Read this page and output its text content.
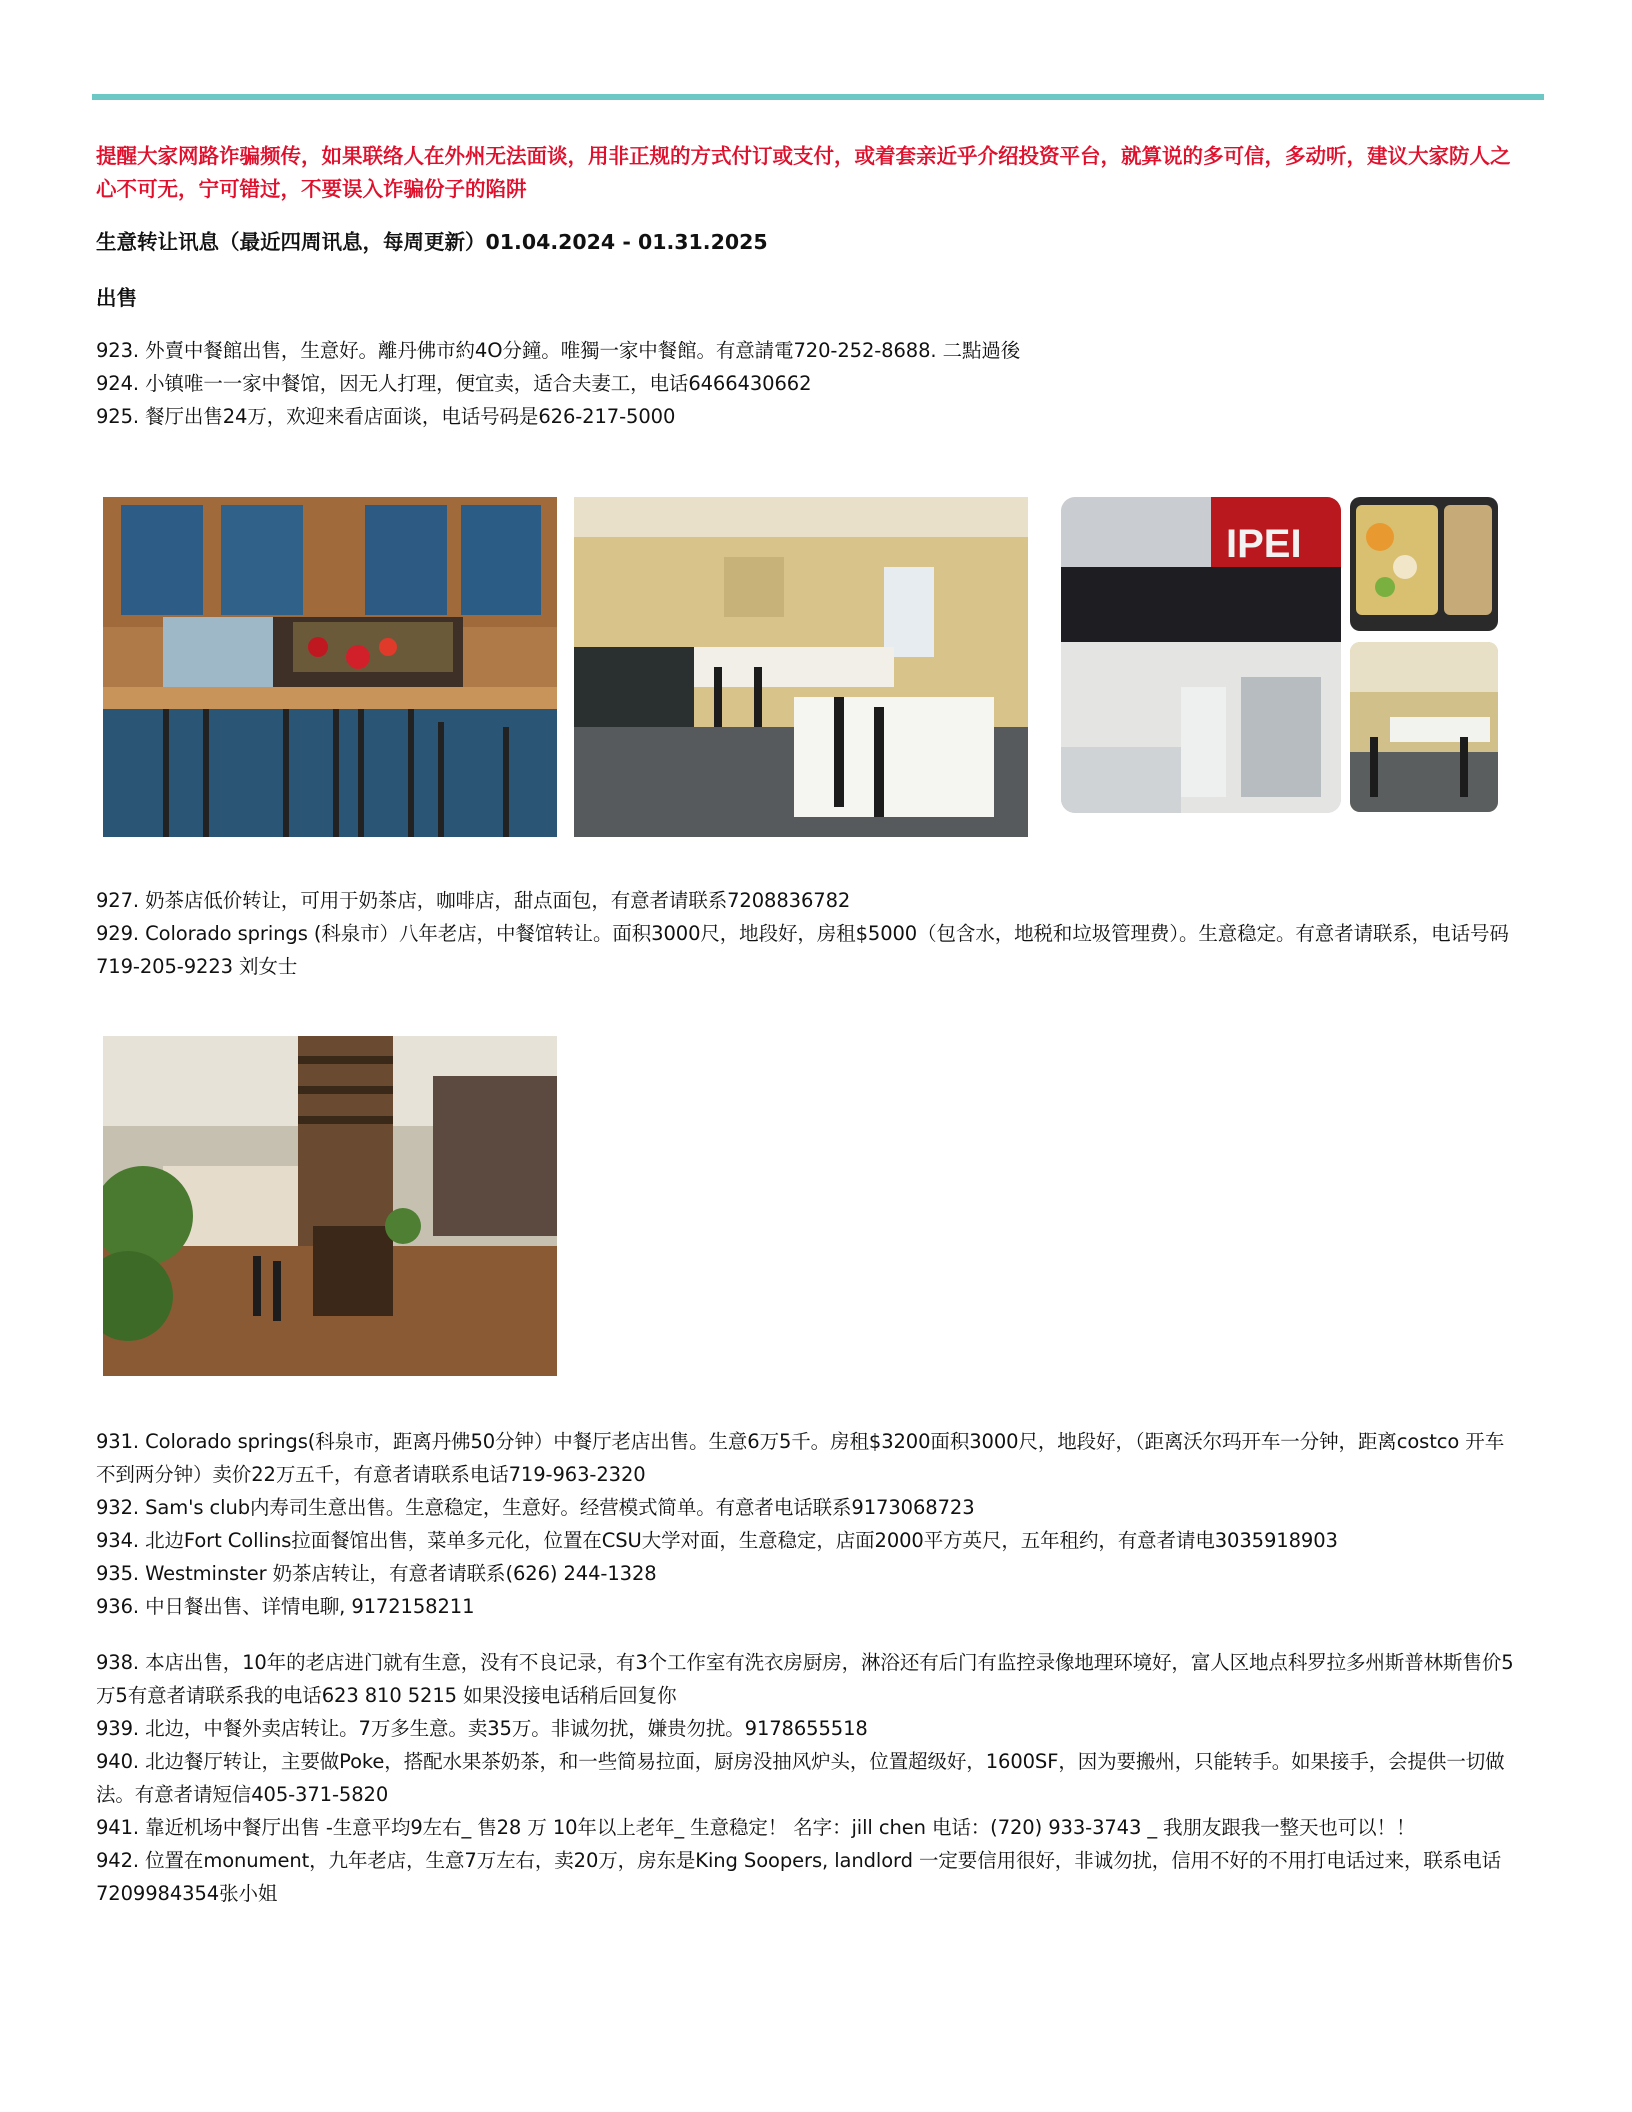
提醒大家网路诈骗频传，如果联络人在外州无法面谈，用非正规的方式付订或支付，或着套亲近乎介绍投资平台，就算说的多可信，多动听，建议大家防人之心不可无，宁可错过，不要误入诈骗份子的陷阱

生意转让讯息（最近四周讯息，每周更新）01.04.2024 - 01.31.2025

出售

923. 外賣中餐館出售，生意好。離丹佛市約4O分鐘。唯獨一家中餐館。有意請電720-252-8688. 二點過後

924. 小镇唯一一家中餐馆，因无人打理，便宜卖，适合夫妻工，电话6466430662

925. 餐厅出售24万，欢迎来看店面谈，电话号码是626-217-5000

IPEI

927. 奶茶店低价转让，可用于奶茶店，咖啡店，甜点面包，有意者请联系7208836782

929. Colorado springs (科泉市）八年老店，中餐馆转让。面积3000尺，地段好，房租$5000（包含水，地税和垃圾管理费）。生意稳定。有意者请联系，电话号码719-205-9223 刘女士

931. Colorado springs(科泉市，距离丹佛50分钟）中餐厅老店出售。生意6万5千。房租$3200面积3000尺，地段好，（距离沃尔玛开车一分钟，距离costco 开车不到两分钟）卖价22万五千，有意者请联系电话719-963-2320

932. Sam's club内寿司生意出售。生意稳定，生意好。经营模式简单。有意者电话联系9173068723

934. 北边Fort Collins拉面餐馆出售，菜单多元化，位置在CSU大学对面，生意稳定，店面2000平方英尺，五年租约，有意者请电3035918903

935. Westminster 奶茶店转让，有意者请联系(626) 244-1328

936. 中日餐出售、详情电聊, 9172158211

938. 本店出售，10年的老店进门就有生意，没有不良记录，有3个工作室有洗衣房厨房，淋浴还有后门有监控录像地理环境好，富人区地点科罗拉多州斯普林斯售价5万5有意者请联系我的电话623 810 5215 如果没接电话稍后回复你

939. 北边，中餐外卖店转让。7万多生意。卖35万。非诚勿扰，嫌贵勿扰。9178655518

940. 北边餐厅转让，主要做Poke，搭配水果茶奶茶，和一些简易拉面，厨房没抽风炉头，位置超级好，1600SF，因为要搬州，只能转手。如果接手，会提供一切做法。有意者请短信405-371-5820

941. 靠近机场中餐厅出售 -生意平均9左右_ 售28 万 10年以上老年_ 生意稳定！ 名字：jill chen 电话：(720) 933-3743 _ 我朋友跟我一整天也可以！！

942. 位置在monument，九年老店，生意7万左右，卖20万，房东是King Soopers, landlord 一定要信用很好，非诚勿扰，信用不好的不用打电话过来，联系电话7209984354张小姐
